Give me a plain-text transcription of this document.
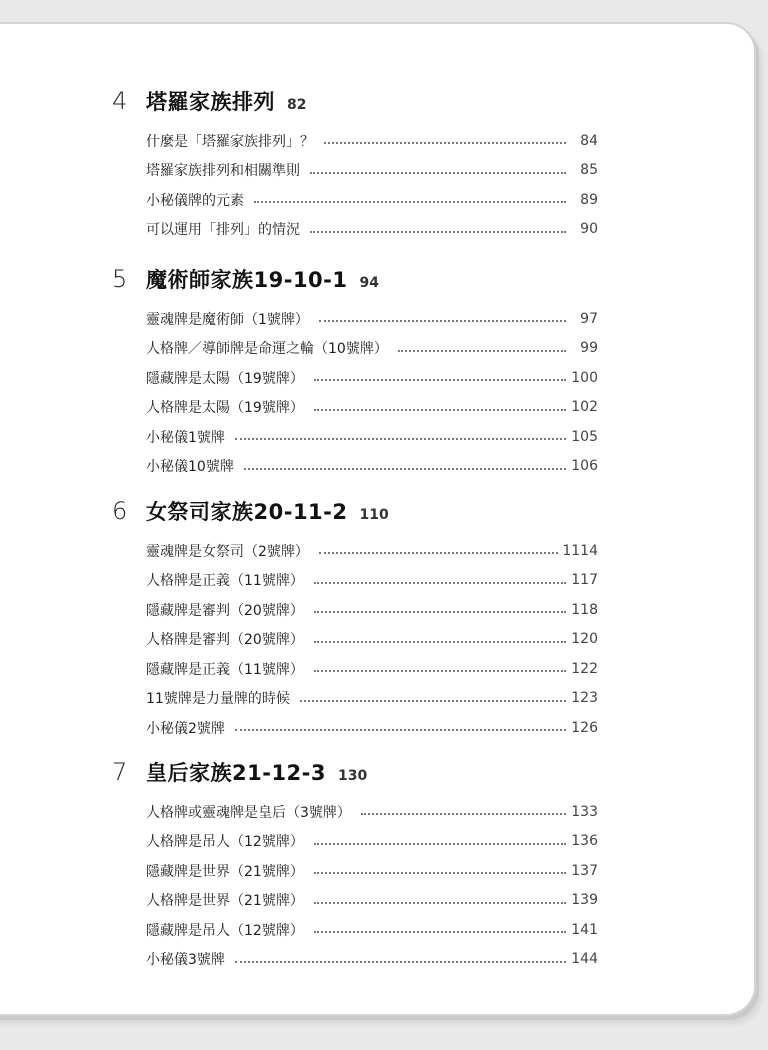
4 塔羅家族排列 82
什麼是「塔羅家族排列」？	84
塔羅家族排列和相關準則	85
小秘儀牌的元素	89
可以運用「排列」的情況	90
5 魔術師家族19-10-1 94
靈魂牌是魔術師（1號牌）	97
人格牌／導師牌是命運之輪（10號牌）	99
隱藏牌是太陽（19號牌）	100
人格牌是太陽（19號牌）	102
小秘儀1號牌	105
小秘儀10號牌	106
6 女祭司家族20-11-2 110
靈魂牌是女祭司（2號牌）	1114
人格牌是正義（11號牌）	117
隱藏牌是審判（20號牌）	118
人格牌是審判（20號牌）	120
隱藏牌是正義（11號牌）	122
11號牌是力量牌的時候	123
小秘儀2號牌	126
7 皇后家族21-12-3 130
人格牌或靈魂牌是皇后（3號牌）	133
人格牌是吊人（12號牌）	136
隱藏牌是世界（21號牌）	137
人格牌是世界（21號牌）	139
隱藏牌是吊人（12號牌）	141
小秘儀3號牌	144
